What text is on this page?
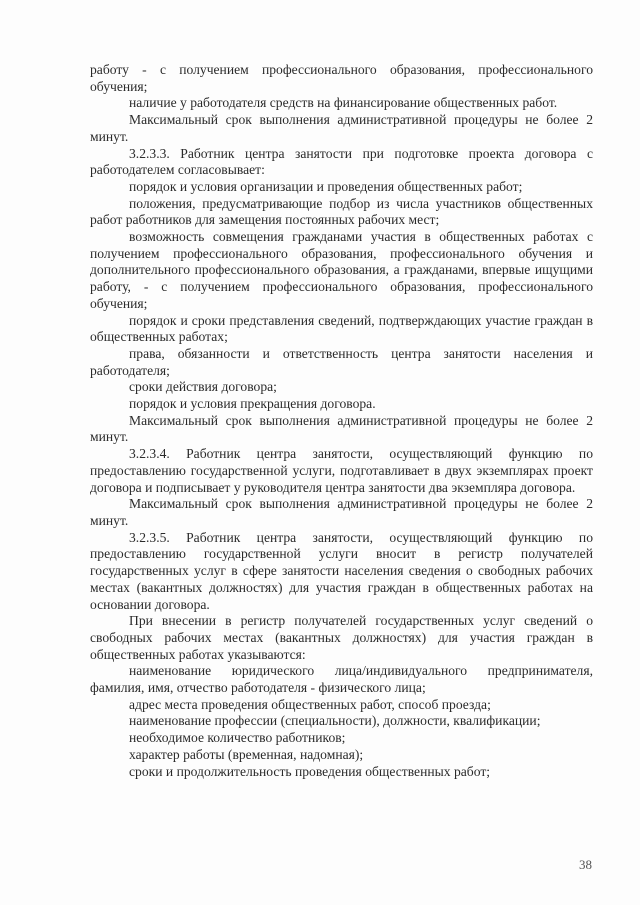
работу - с получением профессионального образования, профессионального обучения;

наличие у работодателя средств на финансирование общественных работ.

Максимальный срок выполнения административной процедуры не более 2 минут.

3.2.3.3. Работник центра занятости при подготовке проекта договора с работодателем согласовывает:

порядок и условия организации и проведения общественных работ;

положения, предусматривающие подбор из числа участников общественных работ работников для замещения постоянных рабочих мест;

возможность совмещения гражданами участия в общественных работах с получением профессионального образования, профессионального обучения и дополнительного профессионального образования, а гражданами, впервые ищущими работу, - с получением профессионального образования, профессионального обучения;

порядок и сроки представления сведений, подтверждающих участие граждан в общественных работах;

права, обязанности и ответственность центра занятости населения и работодателя;

сроки действия договора;

порядок и условия прекращения договора.

Максимальный срок выполнения административной процедуры не более 2 минут.

3.2.3.4. Работник центра занятости, осуществляющий функцию по предоставлению государственной услуги, подготавливает в двух экземплярах проект договора и подписывает у руководителя центра занятости два экземпляра договора.

Максимальный срок выполнения административной процедуры не более 2 минут.

3.2.3.5. Работник центра занятости, осуществляющий функцию по предоставлению государственной услуги вносит в регистр получателей государственных услуг в сфере занятости населения сведения о свободных рабочих местах (вакантных должностях) для участия граждан в общественных работах на основании договора.

При внесении в регистр получателей государственных услуг сведений о свободных рабочих местах (вакантных должностях) для участия граждан в общественных работах указываются:

наименование юридического лица/индивидуального предпринимателя, фамилия, имя, отчество работодателя - физического лица;

адрес места проведения общественных работ, способ проезда;

наименование профессии (специальности), должности, квалификации;

необходимое количество работников;

характер работы (временная, надомная);

сроки и продолжительность проведения общественных работ;

38
